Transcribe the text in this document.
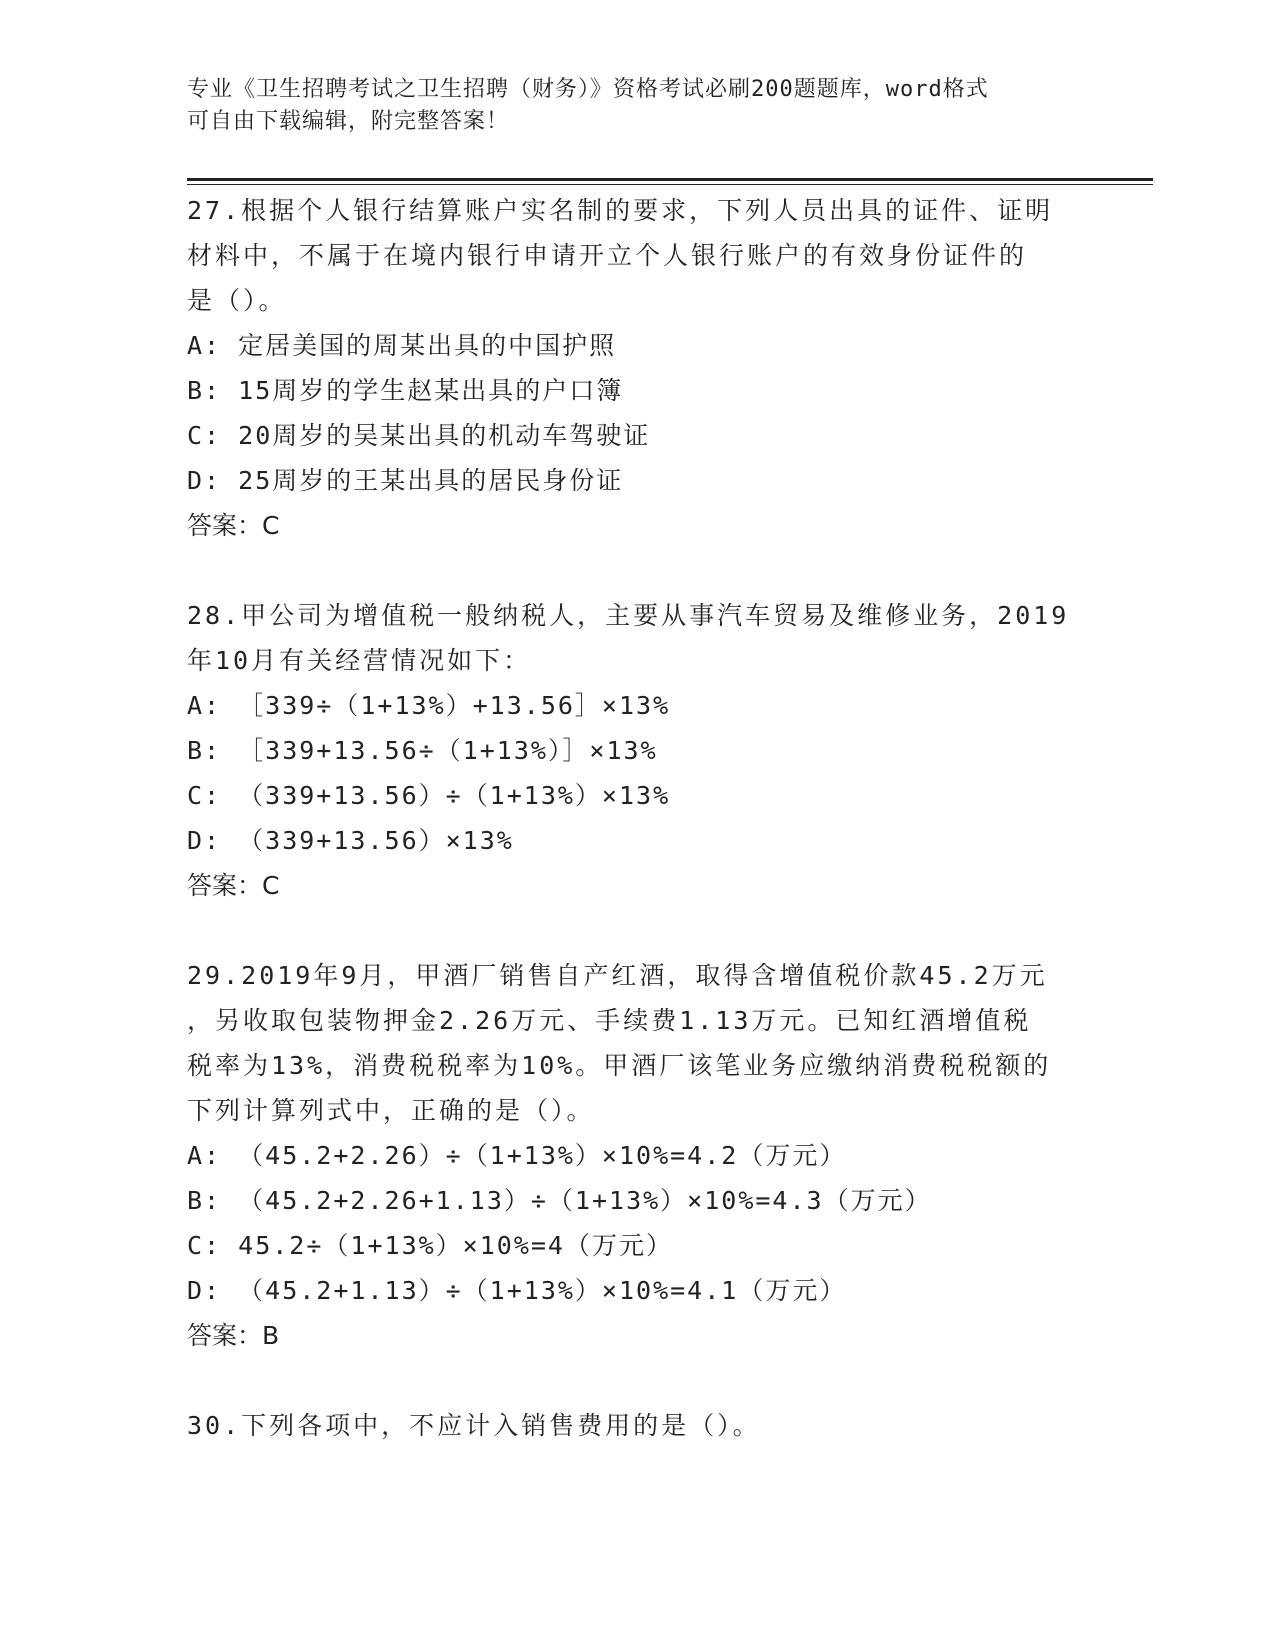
专业《卫生招聘考试之卫生招聘（财务）》资格考试必刷200题题库，word格式
可自由下载编辑，附完整答案！

27.根据个人银行结算账户实名制的要求，下列人员出具的证件、证明

材料中，不属于在境内银行申请开立个人银行账户的有效身份证件的

是（）。

A: 定居美国的周某出具的中国护照

B: 15周岁的学生赵某出具的户口簿

C: 20周岁的吴某出具的机动车驾驶证

D: 25周岁的王某出具的居民身份证

答案：C

28.甲公司为增值税一般纳税人，主要从事汽车贸易及维修业务，2019

年10月有关经营情况如下：

A: ［339÷（1+13%）+13.56］×13%

B: ［339+13.56÷（1+13%）］×13%

C: （339+13.56）÷（1+13%）×13%

D: （339+13.56）×13%

答案：C

29.2019年9月，甲酒厂销售自产红酒，取得含增值税价款45.2万元

，另收取包装物押金2.26万元、手续费1.13万元。已知红酒增值税

税率为13%，消费税税率为10%。甲酒厂该笔业务应缴纳消费税税额的

下列计算列式中，正确的是（）。

A: （45.2+2.26）÷（1+13%）×10%=4.2（万元）

B: （45.2+2.26+1.13）÷（1+13%）×10%=4.3（万元）

C: 45.2÷（1+13%）×10%=4（万元）

D: （45.2+1.13）÷（1+13%）×10%=4.1（万元）

答案：B

30.下列各项中，不应计入销售费用的是（）。
